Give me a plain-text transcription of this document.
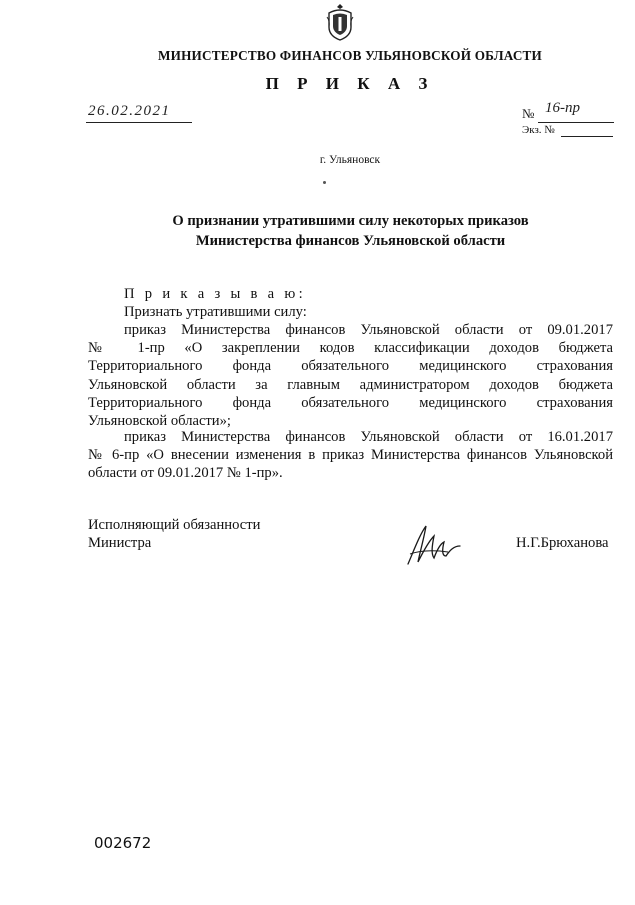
МИНИСТЕРСТВО ФИНАНСОВ УЛЬЯНОВСКОЙ ОБЛАСТИ
П Р И К А З
26.02.2021	№ 16-пр
Экз. №
г. Ульяновск
О признании утратившими силу некоторых приказов
Министерства финансов Ульяновской области
П р и к а з ы в а ю:
Признать утратившими силу:
приказ Министерства финансов Ульяновской области от 09.01.2017
№ 1-пр «О закреплении кодов классификации доходов бюджета
Территориального фонда обязательного медицинского страхования
Ульяновской области за главным администратором доходов бюджета
Территориального фонда обязательного медицинского страхования
Ульяновской области»;
приказ Министерства финансов Ульяновской области от 16.01.2017
№ 6-пр «О внесении изменения в приказ Министерства финансов Ульяновской
области от 09.01.2017 № 1-пр».
Исполняющий обязанности
Министра	Н.Г.Брюханова
002672
